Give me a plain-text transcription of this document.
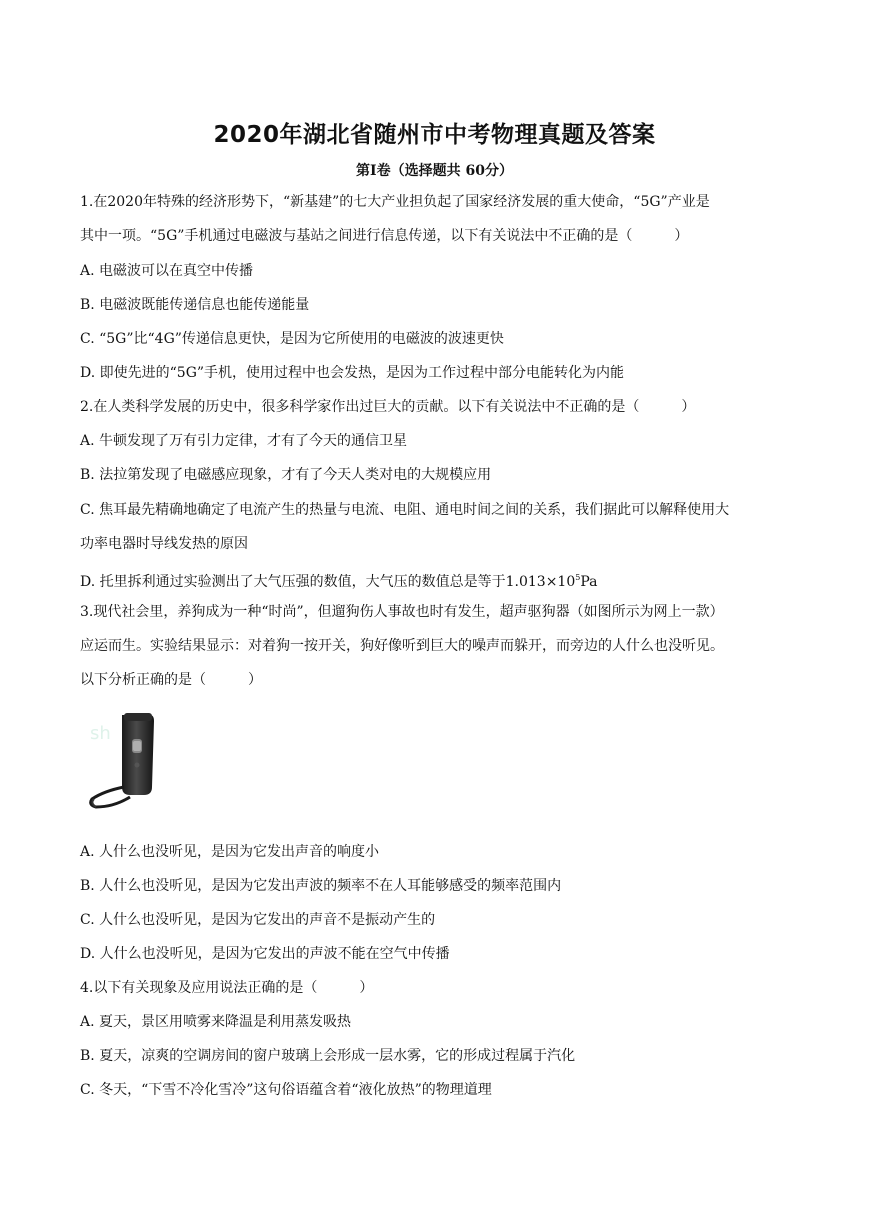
2020年湖北省随州市中考物理真题及答案
第Ⅰ卷（选择题共 60分）
1.在2020年特殊的经济形势下，“新基建”的七大产业担负起了国家经济发展的重大使命，“5G”产业是
其中一项。“5G”手机通过电磁波与基站之间进行信息传递，以下有关说法中不正确的是（	）
A. 电磁波可以在真空中传播
B. 电磁波既能传递信息也能传递能量
C. “5G”比“4G”传递信息更快，是因为它所使用的电磁波的波速更快
D. 即使先进的“5G”手机，使用过程中也会发热，是因为工作过程中部分电能转化为内能
2.在人类科学发展的历史中，很多科学家作出过巨大的贡献。以下有关说法中不正确的是（	）
A. 牛顿发现了万有引力定律，才有了今天的通信卫星
B. 法拉第发现了电磁感应现象，才有了今天人类对电的大规模应用
C. 焦耳最先精确地确定了电流产生的热量与电流、电阻、通电时间之间的关系，我们据此可以解释使用大
功率电器时导线发热的原因
D. 托里拆利通过实验测出了大气压强的数值，大气压的数值总是等于$1.013\times 10^5Pa$
3.现代社会里，养狗成为一种“时尚”，但遛狗伤人事故也时有发生，超声驱狗器（如图所示为网上一款）
应运而生。实验结果显示：对着狗一按开关，狗好像听到巨大的噪声而躲开，而旁边的人什么也没听见。
以下分析正确的是（	）
sh
A. 人什么也没听见，是因为它发出声音的响度小
B. 人什么也没听见，是因为它发出声波的频率不在人耳能够感受的频率范围内
C. 人什么也没听见，是因为它发出的声音不是振动产生的
D. 人什么也没听见，是因为它发出的声波不能在空气中传播
4.以下有关现象及应用说法正确的是（	）
A. 夏天，景区用喷雾来降温是利用蒸发吸热
B. 夏天，凉爽的空调房间的窗户玻璃上会形成一层水雾，它的形成过程属于汽化
C. 冬天，“下雪不冷化雪冷”这句俗语蕴含着“液化放热”的物理道理
